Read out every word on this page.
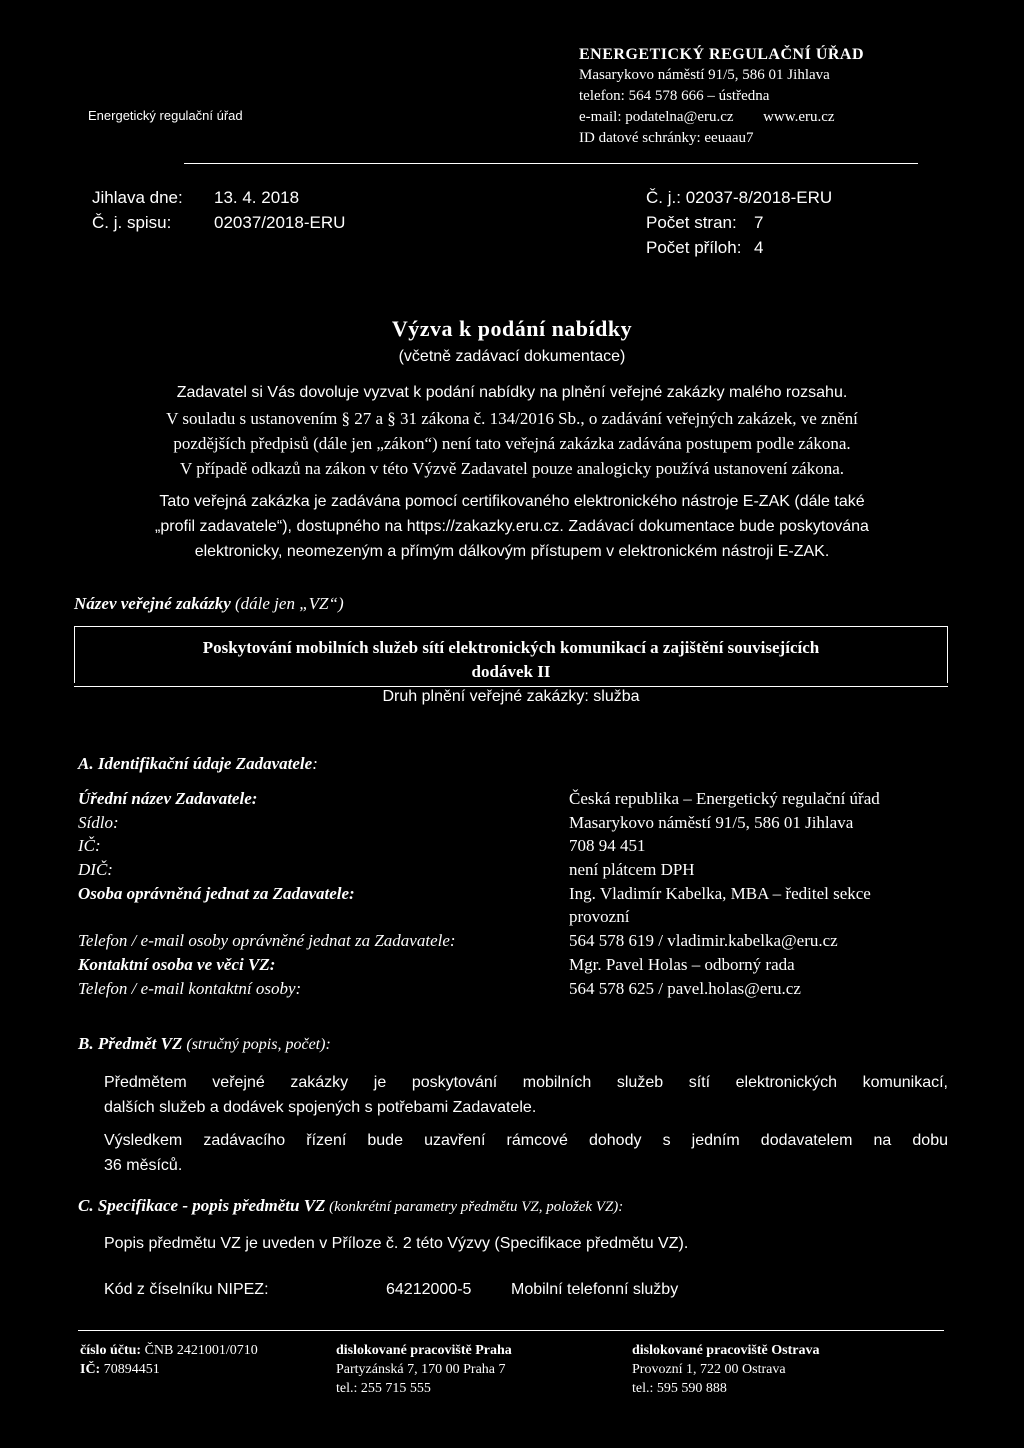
Energetický regulační úřad
ENERGETICKÝ REGULAČNÍ ÚŘAD
Masarykovo náměstí 91/5, 586 01 Jihlava
telefon: 564 578 666 – ústředna
e-mail: podatelna@eru.cz www.eru.cz
ID datové schránky: eeuaau7
Jihlava dne: 13. 4. 2018
Č. j. spisu:	02037/2018-ERU
Č. j.: 02037-8/2018-ERU
Počet stran: 7
Počet příloh: 4
Výzva k podání nabídky
(včetně zadávací dokumentace)
Zadavatel si Vás dovoluje vyzvat k podání nabídky na plnění veřejné zakázky malého rozsahu.
V souladu s ustanovením § 27 a § 31 zákona č. 134/2016 Sb., o zadávání veřejných zakázek, ve znění
pozdějších předpisů (dále jen „zákon“) není tato veřejná zakázka zadávána postupem podle zákona.
V případě odkazů na zákon v této Výzvě Zadavatel pouze analogicky používá ustanovení zákona.
Tato veřejná zakázka je zadávána pomocí certifikovaného elektronického nástroje E-ZAK (dále také
„profil zadavatele“), dostupného na https://zakazky.eru.cz. Zadávací dokumentace bude poskytována
elektronicky, neomezeným a přímým dálkovým přístupem v elektronickém nástroji E-ZAK.
Název veřejné zakázky (dále jen „VZ“)
Poskytování mobilních služeb sítí elektronických komunikací a zajištění souvisejících
dodávek II
Druh plnění veřejné zakázky: služba
A. Identifikační údaje Zadavatele:
Úřední název Zadavatele:	Česká republika – Energetický regulační úřad
Sídlo:	Masarykovo náměstí 91/5, 586 01 Jihlava
IČ:	708 94 451
DIČ:	není plátcem DPH
Osoba oprávněná jednat za Zadavatele:	Ing. Vladimír Kabelka, MBA – ředitel sekce
provozní
Telefon / e-mail osoby oprávněné jednat za Zadavatele:	564 578 619 / vladimir.kabelka@eru.cz
Kontaktní osoba ve věci VZ:	Mgr. Pavel Holas – odborný rada
Telefon / e-mail kontaktní osoby:	564 578 625 / pavel.holas@eru.cz
B. Předmět VZ (stručný popis, počet):
Předmětem veřejné zakázky je poskytování mobilních služeb sítí elektronických komunikací,
dalších služeb a dodávek spojených s potřebami Zadavatele.
Výsledkem zadávacího řízení bude uzavření rámcové dohody s jedním dodavatelem na dobu
36 měsíců.
C. Specifikace - popis předmětu VZ (konkrétní parametry předmětu VZ, položek VZ):
Popis předmětu VZ je uveden v Příloze č. 2 této Výzvy (Specifikace předmětu VZ).
Kód z číselníku NIPEZ:	64212000-5 Mobilní telefonní služby
číslo účtu: ČNB 2421001/0710
IČ: 70894451
dislokované pracoviště Praha
Partyzánská 7, 170 00 Praha 7
tel.: 255 715 555
dislokované pracoviště Ostrava
Provozní 1, 722 00 Ostrava
tel.: 595 590 888
